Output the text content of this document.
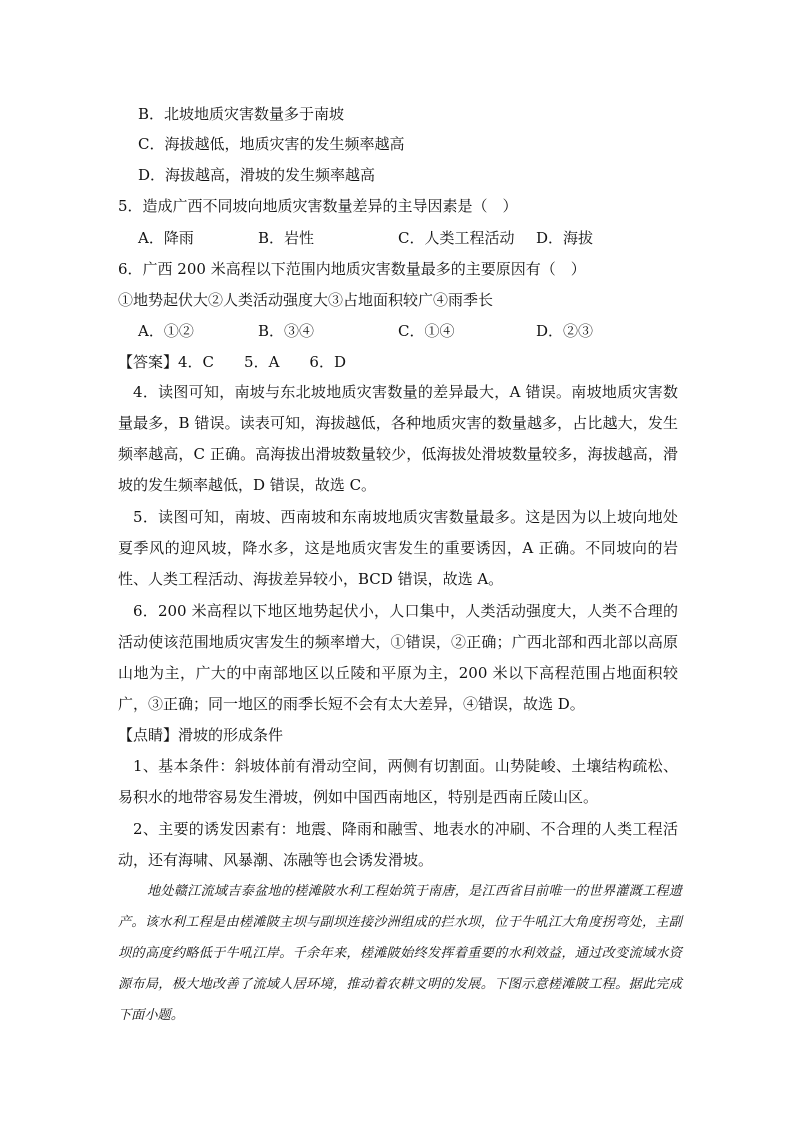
B．北坡地质灾害数量多于南坡
C．海拔越低，地质灾害的发生频率越高
D．海拔越高，滑坡的发生频率越高
5．造成广西不同坡向地质灾害数量差异的主导因素是（　）
A．降雨	B．岩性	C．人类工程活动 D．海拔
6．广西 200 米高程以下范围内地质灾害数量最多的主要原因有（　）
①地势起伏大②人类活动强度大③占地面积较广④雨季长
A．①②	B．③④	C．①④	D．②③
【答案】4．C　　5．A　　6．D
4．读图可知，南坡与东北坡地质灾害数量的差异最大，A 错误。南坡地质灾害数量最多，B 错误。读表可知，海拔越低，各种地质灾害的数量越多，占比越大，发生频率越高，C 正确。高海拔出滑坡数量较少，低海拔处滑坡数量较多，海拔越高，滑坡的发生频率越低，D 错误，故选 C。
5．读图可知，南坡、西南坡和东南坡地质灾害数量最多。这是因为以上坡向地处夏季风的迎风坡，降水多，这是地质灾害发生的重要诱因，A 正确。不同坡向的岩性、人类工程活动、海拔差异较小，BCD 错误，故选 A。
6．200 米高程以下地区地势起伏小，人口集中，人类活动强度大，人类不合理的活动使该范围地质灾害发生的频率增大，①错误，②正确；广西北部和西北部以高原山地为主，广大的中南部地区以丘陵和平原为主，200 米以下高程范围占地面积较广，③正确；同一地区的雨季长短不会有太大差异，④错误，故选 D。
【点睛】滑坡的形成条件
1、基本条件：斜坡体前有滑动空间，两侧有切割面。山势陡峻、土壤结构疏松、易积水的地带容易发生滑坡，例如中国西南地区，特别是西南丘陵山区。
2、主要的诱发因素有：地震、降雨和融雪、地表水的冲刷、不合理的人类工程活动，还有海啸、风暴潮、冻融等也会诱发滑坡。
地处赣江流域吉泰盆地的槎滩陂水利工程始筑于南唐，是江西省目前唯一的世界灌溉工程遗产。该水利工程是由槎滩陂主坝与副坝连接沙洲组成的拦水坝，位于牛吼江大角度拐弯处，主副坝的高度约略低于牛吼江岸。千余年来，槎滩陂始终发挥着重要的水利效益，通过改变流域水资源布局，极大地改善了流域人居环境，推动着农耕文明的发展。下图示意槎滩陂工程。据此完成下面小题。
